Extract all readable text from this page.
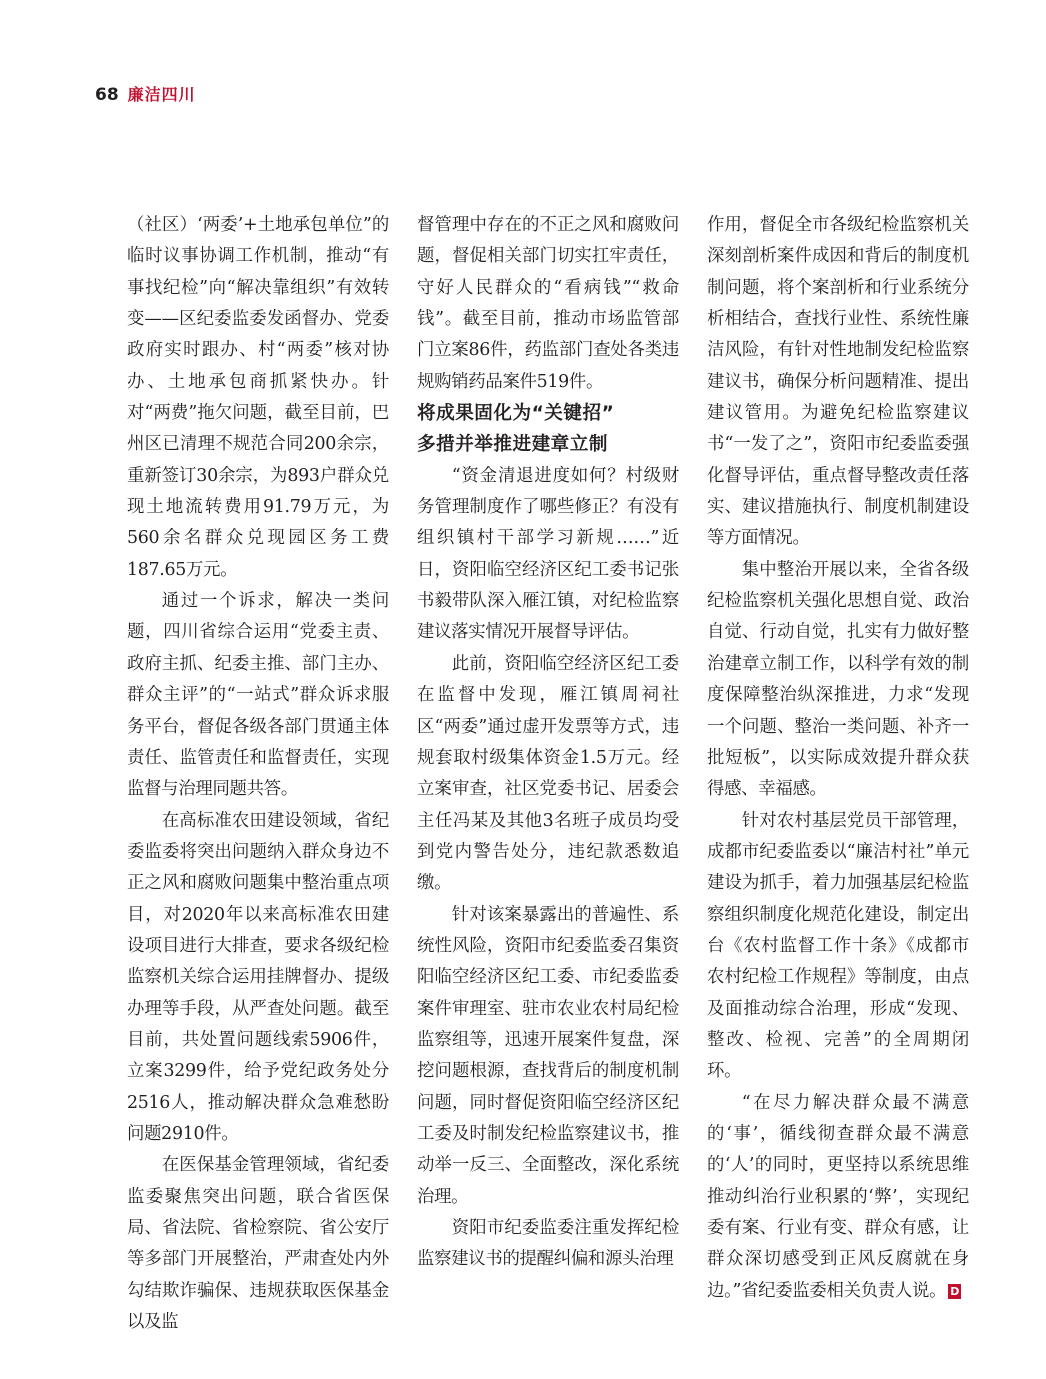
68 廉洁四川

（社区）‘两委’+土地承包单位”的临时议事协调工作机制，推动“有事找纪检”向“解决靠组织”有效转变——区纪委监委发函督办、党委政府实时跟办、村“两委”核对协办、土地承包商抓紧快办。针对“两费”拖欠问题，截至目前，巴州区已清理不规范合同200余宗，重新签订30余宗，为893户群众兑现土地流转费用91.79万元，为560余名群众兑现园区务工费187.65万元。

通过一个诉求，解决一类问题，四川省综合运用“党委主责、政府主抓、纪委主推、部门主办、群众主评”的“一站式”群众诉求服务平台，督促各级各部门贯通主体责任、监管责任和监督责任，实现监督与治理同题共答。

在高标准农田建设领域，省纪委监委将突出问题纳入群众身边不正之风和腐败问题集中整治重点项目，对2020年以来高标准农田建设项目进行大排查，要求各级纪检监察机关综合运用挂牌督办、提级办理等手段，从严查处问题。截至目前，共处置问题线索5906件，立案3299件，给予党纪政务处分2516人，推动解决群众急难愁盼问题2910件。

在医保基金管理领域，省纪委监委聚焦突出问题，联合省医保局、省法院、省检察院、省公安厅等多部门开展整治，严肃查处内外勾结欺诈骗保、违规获取医保基金以及监

督管理中存在的不正之风和腐败问题，督促相关部门切实扛牢责任，守好人民群众的“看病钱”“救命钱”。截至目前，推动市场监管部门立案86件，药监部门查处各类违规购销药品案件519件。

将成果固化为“关键招”

多措并举推进建章立制

“资金清退进度如何？村级财务管理制度作了哪些修正？有没有组织镇村干部学习新规……”近日，资阳临空经济区纪工委书记张书毅带队深入雁江镇，对纪检监察建议落实情况开展督导评估。

此前，资阳临空经济区纪工委在监督中发现，雁江镇周祠社区“两委”通过虚开发票等方式，违规套取村级集体资金1.5万元。经立案审查，社区党委书记、居委会主任冯某及其他3名班子成员均受到党内警告处分，违纪款悉数追缴。

针对该案暴露出的普遍性、系统性风险，资阳市纪委监委召集资阳临空经济区纪工委、市纪委监委案件审理室、驻市农业农村局纪检监察组等，迅速开展案件复盘，深挖问题根源，查找背后的制度机制问题，同时督促资阳临空经济区纪工委及时制发纪检监察建议书，推动举一反三、全面整改，深化系统治理。

资阳市纪委监委注重发挥纪检监察建议书的提醒纠偏和源头治理

作用，督促全市各级纪检监察机关深刻剖析案件成因和背后的制度机制问题，将个案剖析和行业系统分析相结合，查找行业性、系统性廉洁风险，有针对性地制发纪检监察建议书，确保分析问题精准、提出建议管用。为避免纪检监察建议书“一发了之”，资阳市纪委监委强化督导评估，重点督导整改责任落实、建议措施执行、制度机制建设等方面情况。

集中整治开展以来，全省各级纪检监察机关强化思想自觉、政治自觉、行动自觉，扎实有力做好整治建章立制工作，以科学有效的制度保障整治纵深推进，力求“发现一个问题、整治一类问题、补齐一批短板”，以实际成效提升群众获得感、幸福感。

针对农村基层党员干部管理，成都市纪委监委以“廉洁村社”单元建设为抓手，着力加强基层纪检监察组织制度化规范化建设，制定出台《农村监督工作十条》《成都市农村纪检工作规程》等制度，由点及面推动综合治理，形成“发现、整改、检视、完善”的全周期闭环。

“在尽力解决群众最不满意的‘事’，循线彻查群众最不满意的‘人’的同时，更坚持以系统思维推动纠治行业积累的‘弊’，实现纪委有案、行业有变、群众有感，让群众深切感受到正风反腐就在身边。”省纪委监委相关负责人说。 D
